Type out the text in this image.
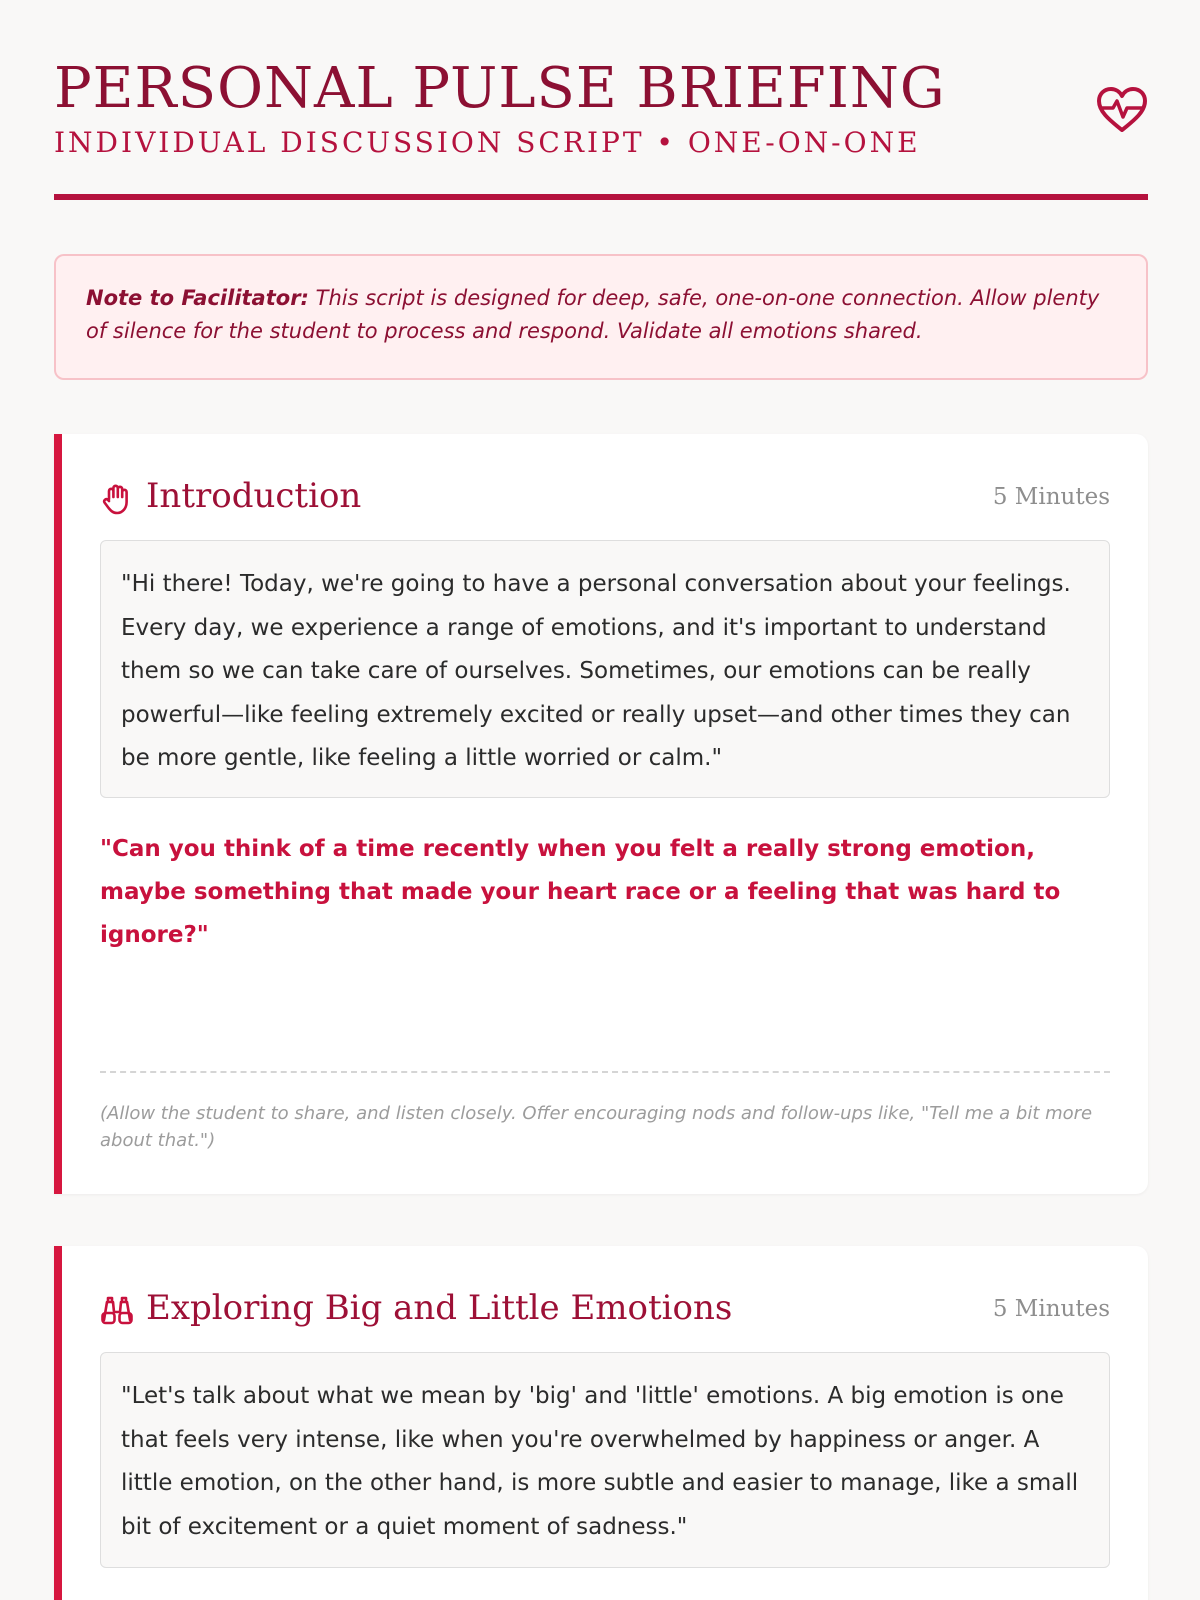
PERSONAL PULSE BRIEFING
INDIVIDUAL DISCUSSION SCRIPT • ONE-ON-ONE
Note to Facilitator: This script is designed for deep, safe, one-on-one connection. Allow plenty of silence for the student to process and respond. Validate all emotions shared.
Introduction	5 Minutes
"Hi there! Today, we're going to have a personal conversation about your feelings. Every day, we experience a range of emotions, and it's important to understand them so we can take care of ourselves. Sometimes, our emotions can be really powerful—like feeling extremely excited or really upset—and other times they can be more gentle, like feeling a little worried or calm."
"Can you think of a time recently when you felt a really strong emotion, maybe something that made your heart race or a feeling that was hard to ignore?"
(Allow the student to share, and listen closely. Offer encouraging nods and follow-ups like, "Tell me a bit more about that.")
Exploring Big and Little Emotions	5 Minutes
"Let's talk about what we mean by 'big' and 'little' emotions. A big emotion is one that feels very intense, like when you're overwhelmed by happiness or anger. A little emotion, on the other hand, is more subtle and easier to manage, like a small bit of excitement or a quiet moment of sadness."
